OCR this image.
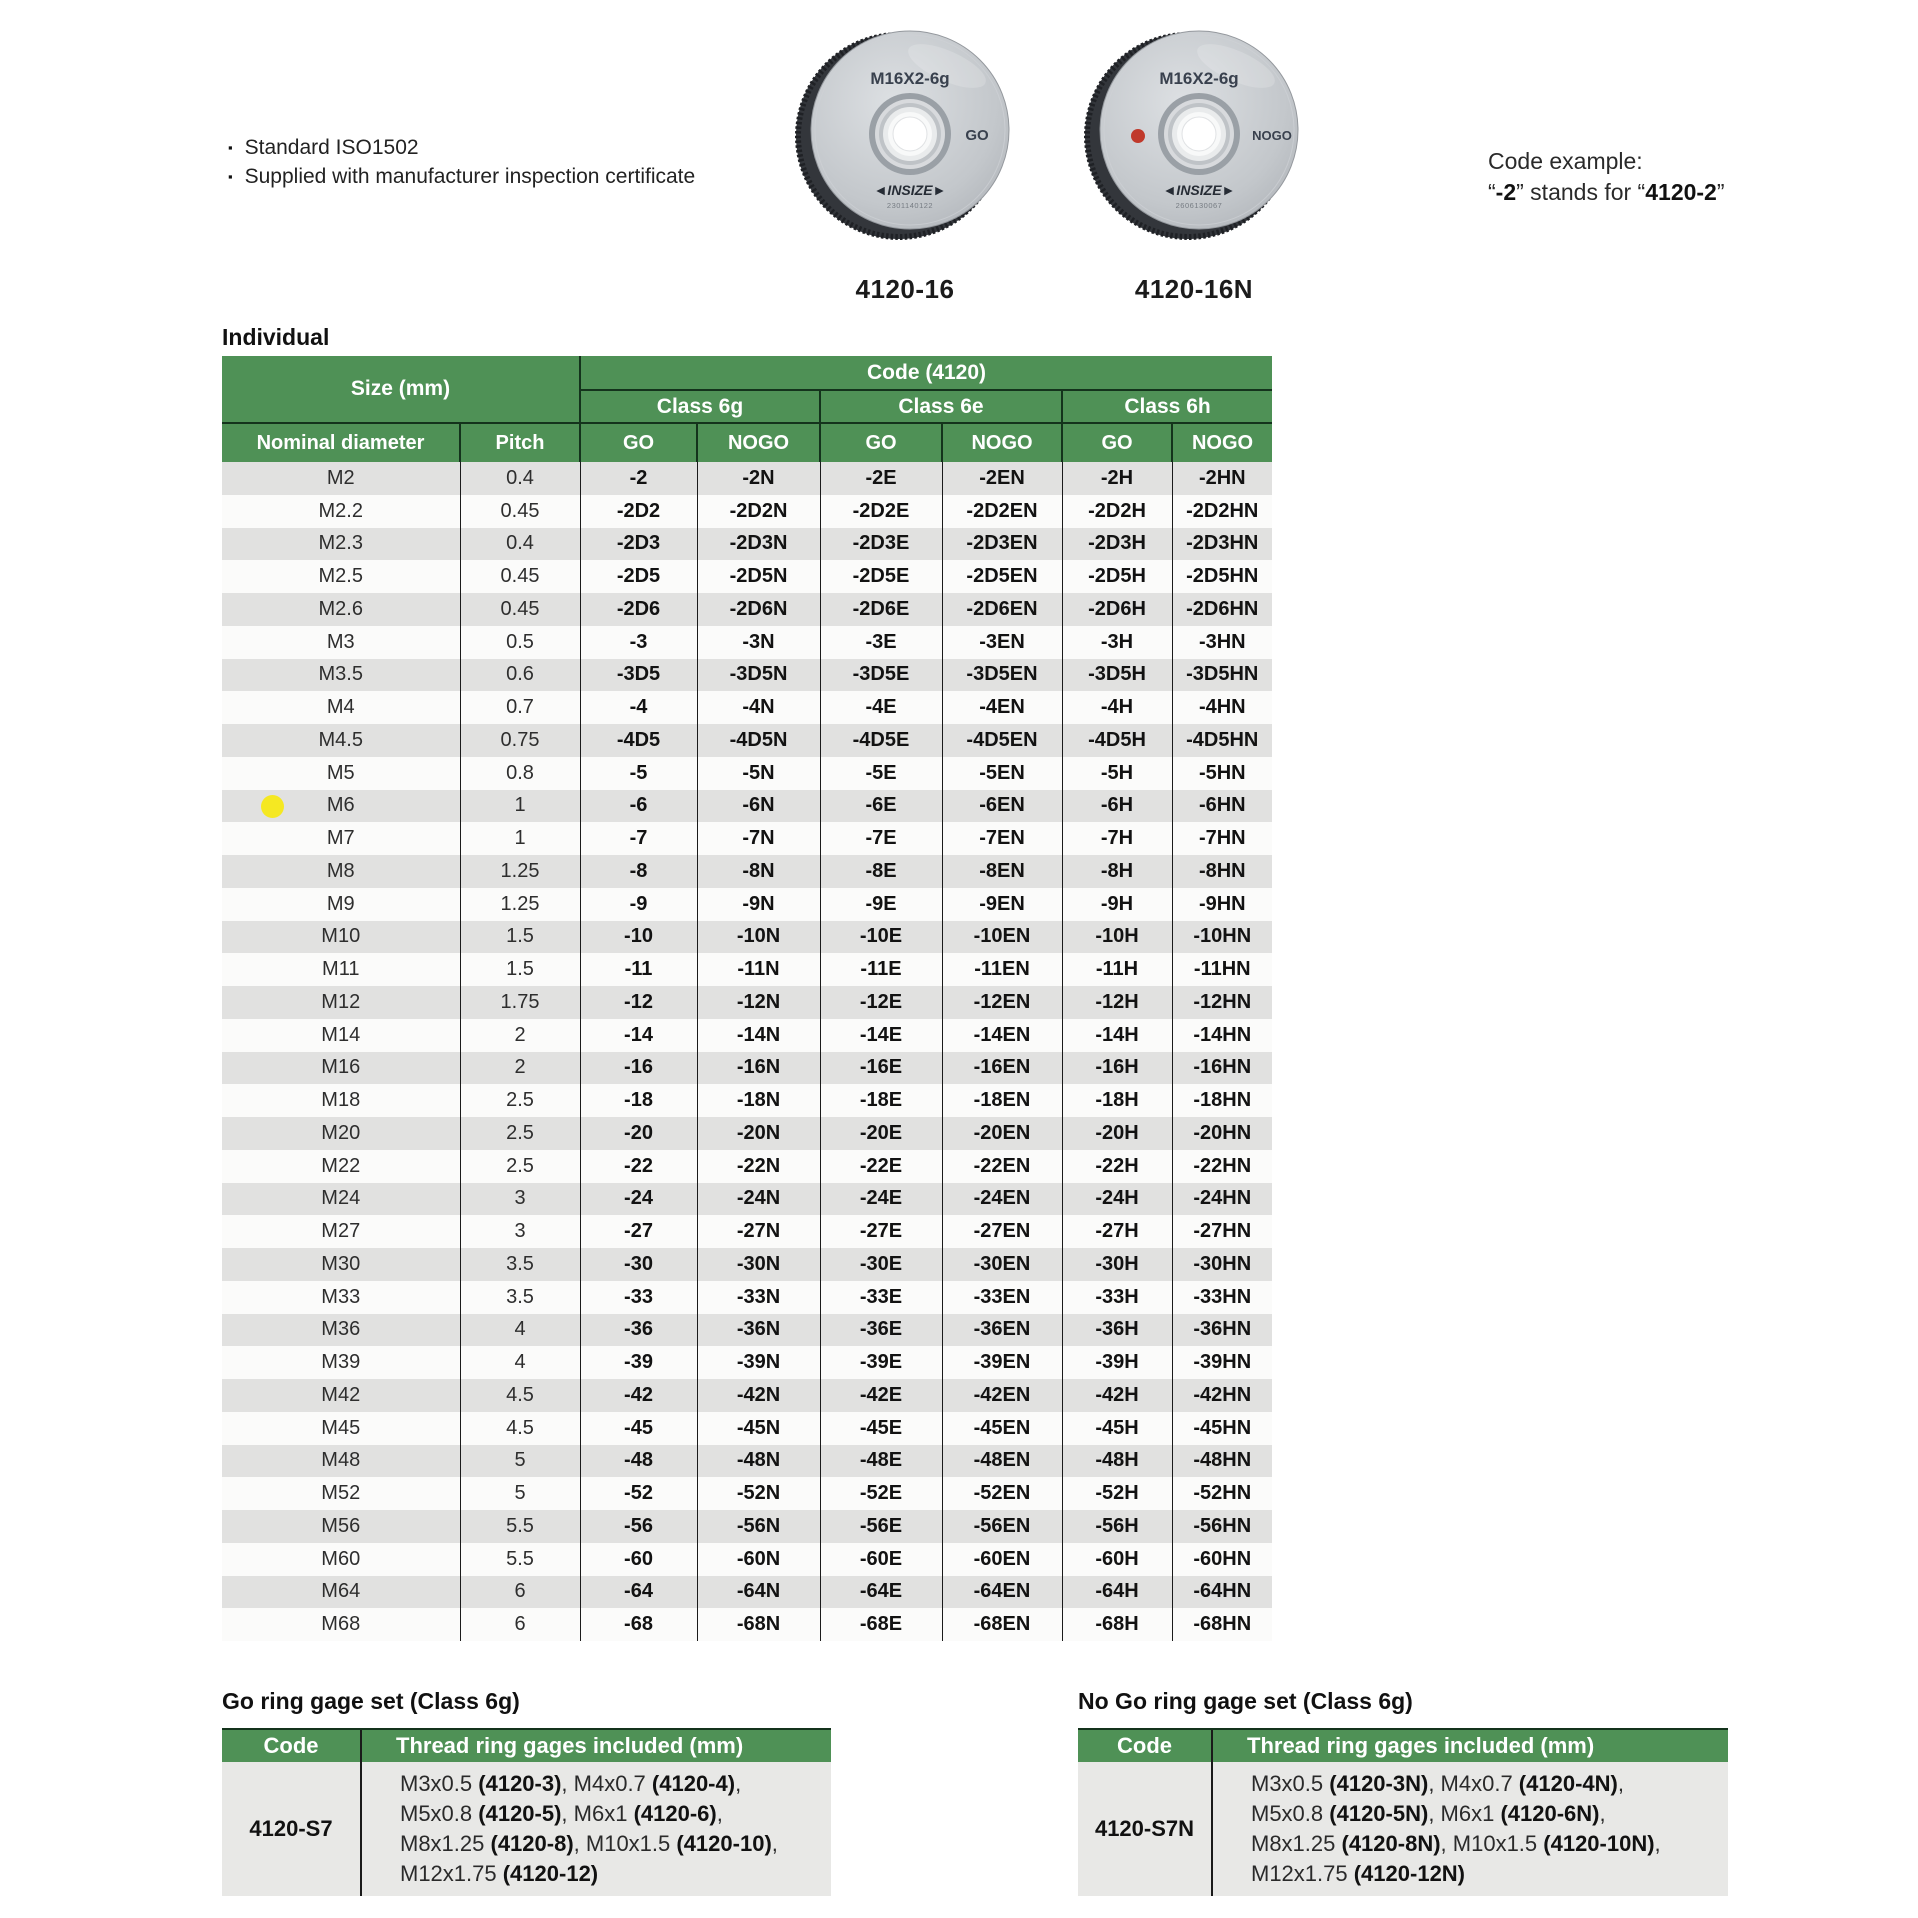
▪ Standard ISO1502
▪ Supplied with manufacturer inspection certificate
M16X2-6g
GO
◄INSIZE►
2301140122
4120-16
M16X2-6g
NOGO
◄INSIZE►
2606130067
4120-16N
Code example:
“-2” stands for “4120-2”
Individual
Size (mm)		Code (4120)					
		Class 6g		Class 6e		Class 6h	
Nominal diameter	Pitch	GO	NOGO	GO	NOGO	GO	NOGO
M2	0.4	-2	-2N	-2E	-2EN	-2H	-2HN
M2.2	0.45	-2D2	-2D2N	-2D2E	-2D2EN	-2D2H	-2D2HN
M2.3	0.4	-2D3	-2D3N	-2D3E	-2D3EN	-2D3H	-2D3HN
M2.5	0.45	-2D5	-2D5N	-2D5E	-2D5EN	-2D5H	-2D5HN
M2.6	0.45	-2D6	-2D6N	-2D6E	-2D6EN	-2D6H	-2D6HN
M3	0.5	-3	-3N	-3E	-3EN	-3H	-3HN
M3.5	0.6	-3D5	-3D5N	-3D5E	-3D5EN	-3D5H	-3D5HN
M4	0.7	-4	-4N	-4E	-4EN	-4H	-4HN
M4.5	0.75	-4D5	-4D5N	-4D5E	-4D5EN	-4D5H	-4D5HN
M5	0.8	-5	-5N	-5E	-5EN	-5H	-5HN

M6	1	-6	-6N	-6E	-6EN	-6H	-6HN
M7	1	-7	-7N	-7E	-7EN	-7H	-7HN
M8	1.25	-8	-8N	-8E	-8EN	-8H	-8HN
M9	1.25	-9	-9N	-9E	-9EN	-9H	-9HN
M10	1.5	-10	-10N	-10E	-10EN	-10H	-10HN
M11	1.5	-11	-11N	-11E	-11EN	-11H	-11HN
M12	1.75	-12	-12N	-12E	-12EN	-12H	-12HN
M14	2	-14	-14N	-14E	-14EN	-14H	-14HN
M16	2	-16	-16N	-16E	-16EN	-16H	-16HN
M18	2.5	-18	-18N	-18E	-18EN	-18H	-18HN
M20	2.5	-20	-20N	-20E	-20EN	-20H	-20HN
M22	2.5	-22	-22N	-22E	-22EN	-22H	-22HN
M24	3	-24	-24N	-24E	-24EN	-24H	-24HN
M27	3	-27	-27N	-27E	-27EN	-27H	-27HN
M30	3.5	-30	-30N	-30E	-30EN	-30H	-30HN
M33	3.5	-33	-33N	-33E	-33EN	-33H	-33HN
M36	4	-36	-36N	-36E	-36EN	-36H	-36HN
M39	4	-39	-39N	-39E	-39EN	-39H	-39HN
M42	4.5	-42	-42N	-42E	-42EN	-42H	-42HN
M45	4.5	-45	-45N	-45E	-45EN	-45H	-45HN
M48	5	-48	-48N	-48E	-48EN	-48H	-48HN
M52	5	-52	-52N	-52E	-52EN	-52H	-52HN
M56	5.5	-56	-56N	-56E	-56EN	-56H	-56HN
M60	5.5	-60	-60N	-60E	-60EN	-60H	-60HN
M64	6	-64	-64N	-64E	-64EN	-64H	-64HN
M68	6	-68	-68N	-68E	-68EN	-68H	-68HN
Go ring gage set (Class 6g)
Code	Thread ring gages included (mm)
4120-S7	M3x0.5 (4120-3), M4x0.7 (4120-4),
M5x0.8 (4120-5), M6x1 (4120-6),
M8x1.25 (4120-8), M10x1.5 (4120-10),
M12x1.75 (4120-12)
No Go ring gage set (Class 6g)
Code	Thread ring gages included (mm)
4120-S7N	M3x0.5 (4120-3N), M4x0.7 (4120-4N),
M5x0.8 (4120-5N), M6x1 (4120-6N),
M8x1.25 (4120-8N), M10x1.5 (4120-10N),
M12x1.75 (4120-12N)
